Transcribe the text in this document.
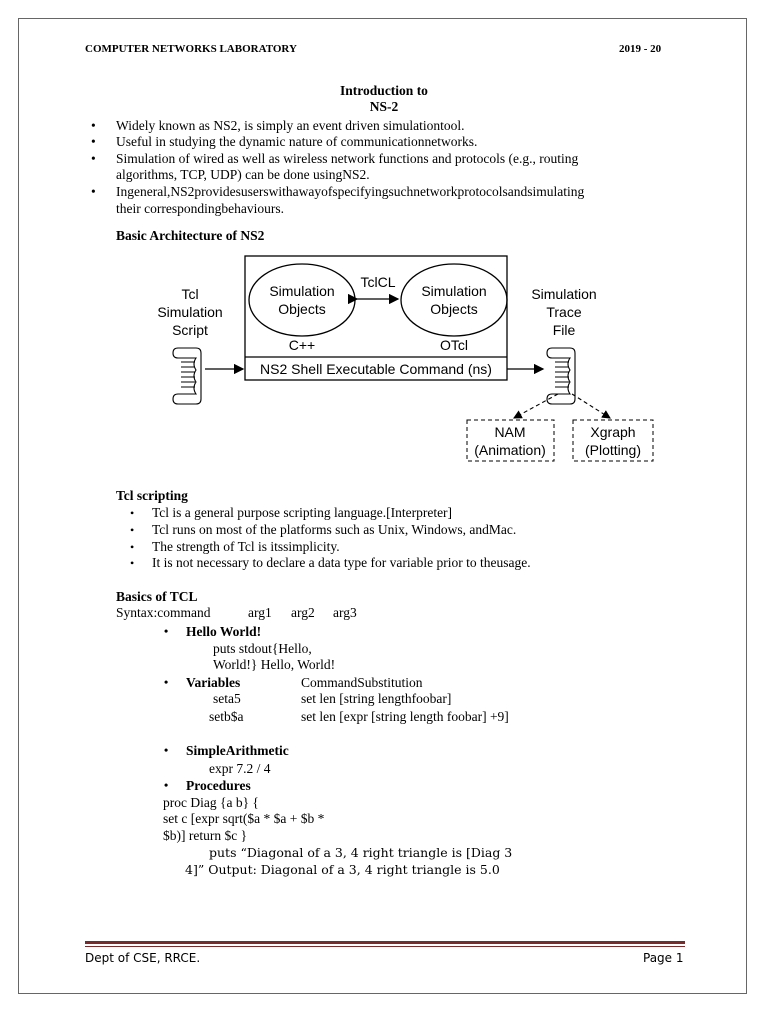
COMPUTER NETWORKS LABORATORY	2019 - 20
Introduction to
NS-2
• Widely known as NS2, is simply an event driven simulationtool.
• Useful in studying the dynamic nature of communicationnetworks.
• Simulation of wired as well as wireless network functions and protocols (e.g., routing
algorithms, TCP, UDP) can be done usingNS2.
• Ingeneral,NS2providesuserswithawayofspecifyingsuchnetworkprotocolsandsimulating
their correspondingbehaviours.
Basic Architecture of NS2
TclCL
Simulation
Objects
Simulation
Objects
C++	OTcl
NS2 Shell Executable Command (ns)
Tcl
Simulation
Script
Simulation
Trace
File
NAM
(Animation)
Xgraph
(Plotting)
Tcl scripting
• Tcl is a general purpose scripting language.[Interpreter]
• Tcl runs on most of the platforms such as Unix, Windows, andMac.
• The strength of Tcl is itssimplicity.
• It is not necessary to declare a data type for variable prior to theusage.
Basics of TCL
Syntax:command	arg1 arg2 arg3
• Hello World!
puts stdout{Hello,
World!} Hello, World!
• Variables	CommandSubstitution
seta5	set len [string lengthfoobar]
setb$a	set len [expr [string length foobar] +9]
• SimpleArithmetic
expr 7.2 / 4
• Procedures
proc Diag {a b} {
set c [expr sqrt($a * $a + $b *
$b)] return $c }
puts “Diagonal of a 3, 4 right triangle is [Diag 3
4]” Output: Diagonal of a 3, 4 right triangle is 5.0
Dept of CSE, RRCE.	Page 1
